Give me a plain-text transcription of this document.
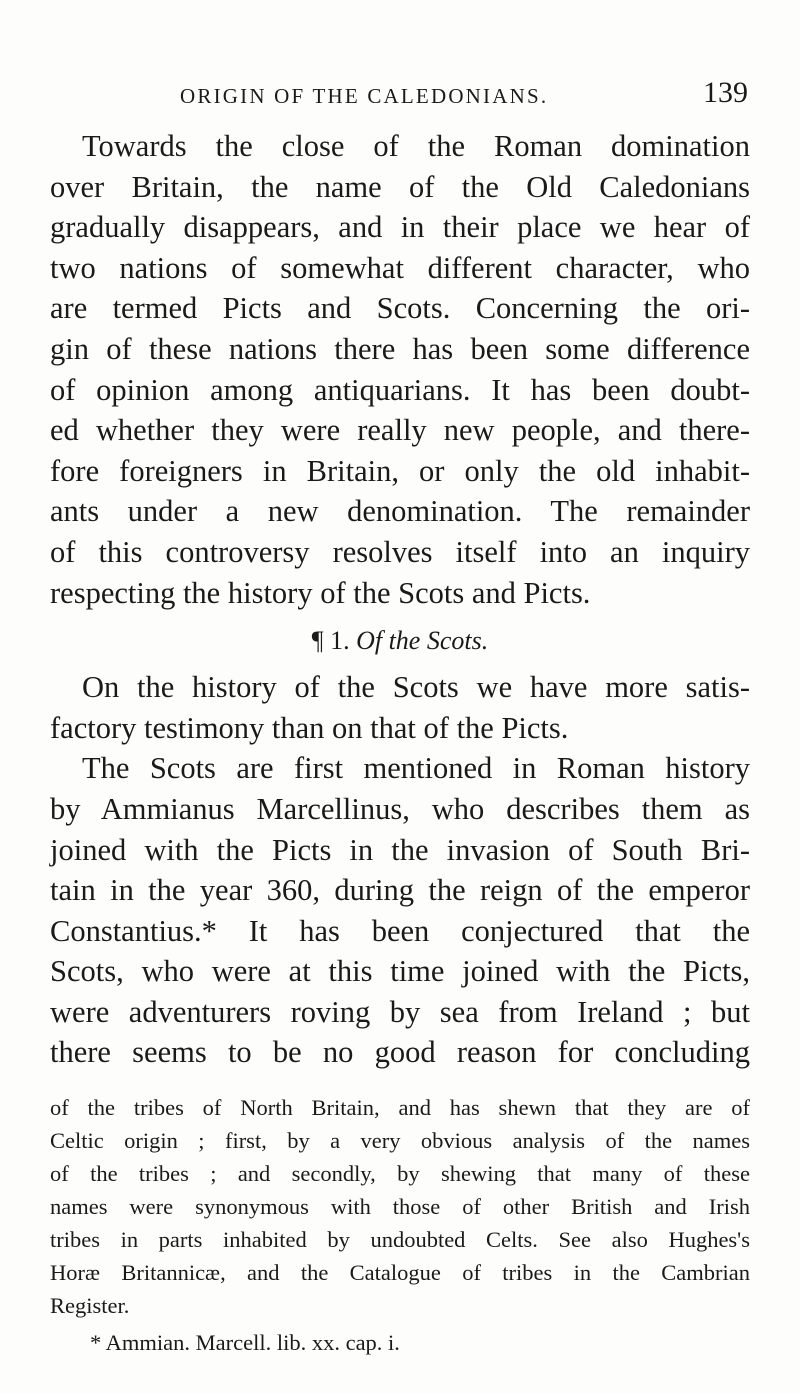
ORIGIN OF THE CALEDONIANS.	139
Towards the close of the Roman domination
over Britain, the name of the Old Caledonians
gradually disappears, and in their place we hear of
two nations of somewhat different character, who
are termed Picts and Scots. Concerning the ori-
gin of these nations there has been some difference
of opinion among antiquarians. It has been doubt-
ed whether they were really new people, and there-
fore foreigners in Britain, or only the old inhabit-
ants under a new denomination. The remainder
of this controversy resolves itself into an inquiry
respecting the history of the Scots and Picts.
¶ 1. Of the Scots.
On the history of the Scots we have more satis-
factory testimony than on that of the Picts.
The Scots are first mentioned in Roman history
by Ammianus Marcellinus, who describes them as
joined with the Picts in the invasion of South Bri-
tain in the year 360, during the reign of the emperor
Constantius.* It has been conjectured that the
Scots, who were at this time joined with the Picts,
were adventurers roving by sea from Ireland ; but
there seems to be no good reason for concluding
of the tribes of North Britain, and has shewn that they are of
Celtic origin ; first, by a very obvious analysis of the names
of the tribes ; and secondly, by shewing that many of these
names were synonymous with those of other British and Irish
tribes in parts inhabited by undoubted Celts. See also Hughes's
Horæ Britannicæ, and the Catalogue of tribes in the Cambrian
Register.
* Ammian. Marcell. lib. xx. cap. i.
